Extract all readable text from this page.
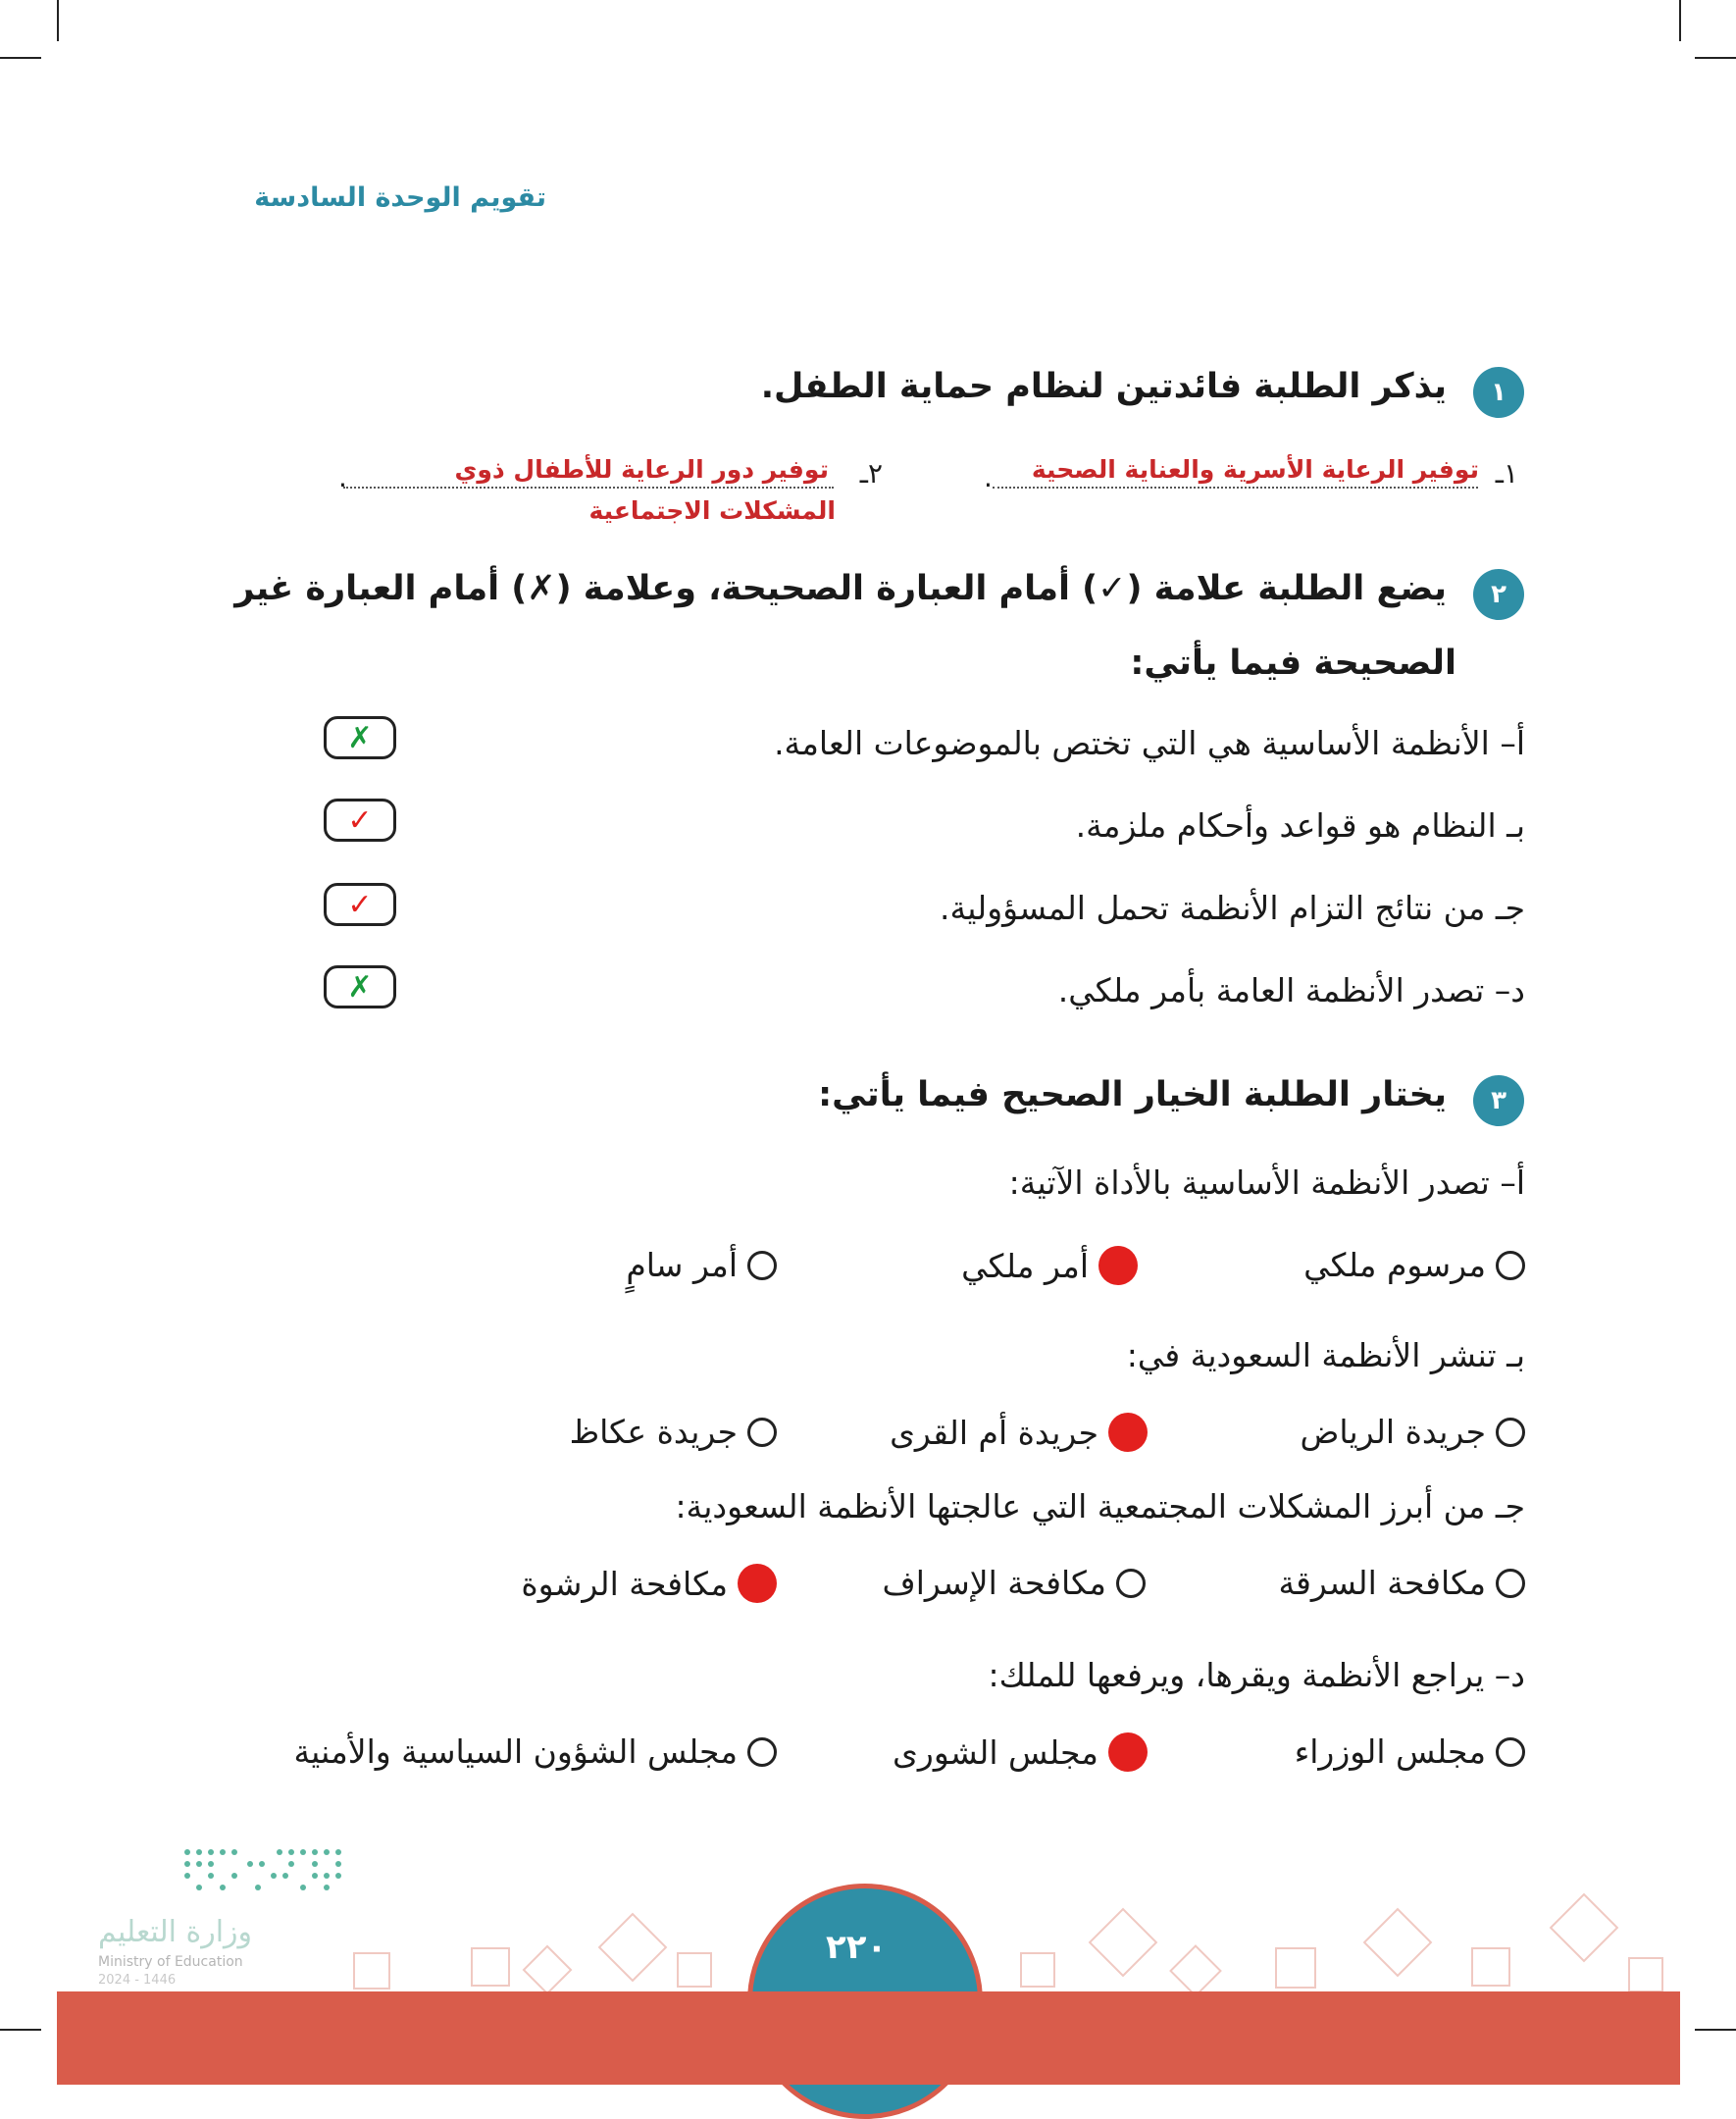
تقويم الوحدة السادسة
١
يذكر الطلبة فائدتين لنظام حماية الطفل.
١ـ
توفير الرعاية الأسرية والعناية الصحية
.
٢ـ
توفير دور الرعاية للأطفال ذوي
المشكلات الاجتماعية
.
٢
يضع الطلبة علامة (✓) أمام العبارة الصحيحة، وعلامة (✗) أمام العبارة غير
الصحيحة فيما يأتي:
أ– الأنظمة الأساسية هي التي تختص بالموضوعات العامة.
✗
بـ النظام هو قواعد وأحكام ملزمة.
✓
جـ من نتائج التزام الأنظمة تحمل المسؤولية.
✓
د– تصدر الأنظمة العامة بأمر ملكي.
✗
٣
يختار الطلبة الخيار الصحيح فيما يأتي:
أ– تصدر الأنظمة الأساسية بالأداة الآتية:
مرسوم ملكي
أمر ملكي
أمر سامٍ
بـ تنشر الأنظمة السعودية في:
جريدة الرياض
جريدة أم القرى
جريدة عكاظ
جـ من أبرز المشكلات المجتمعية التي عالجتها الأنظمة السعودية:
مكافحة السرقة
مكافحة الإسراف
مكافحة الرشوة
د– يراجع الأنظمة ويقرها، ويرفعها للملك:
مجلس الوزراء
مجلس الشورى
مجلس الشؤون السياسية والأمنية
وزارة التعليم
Ministry of Education
2024 - 1446
٢٢٠
